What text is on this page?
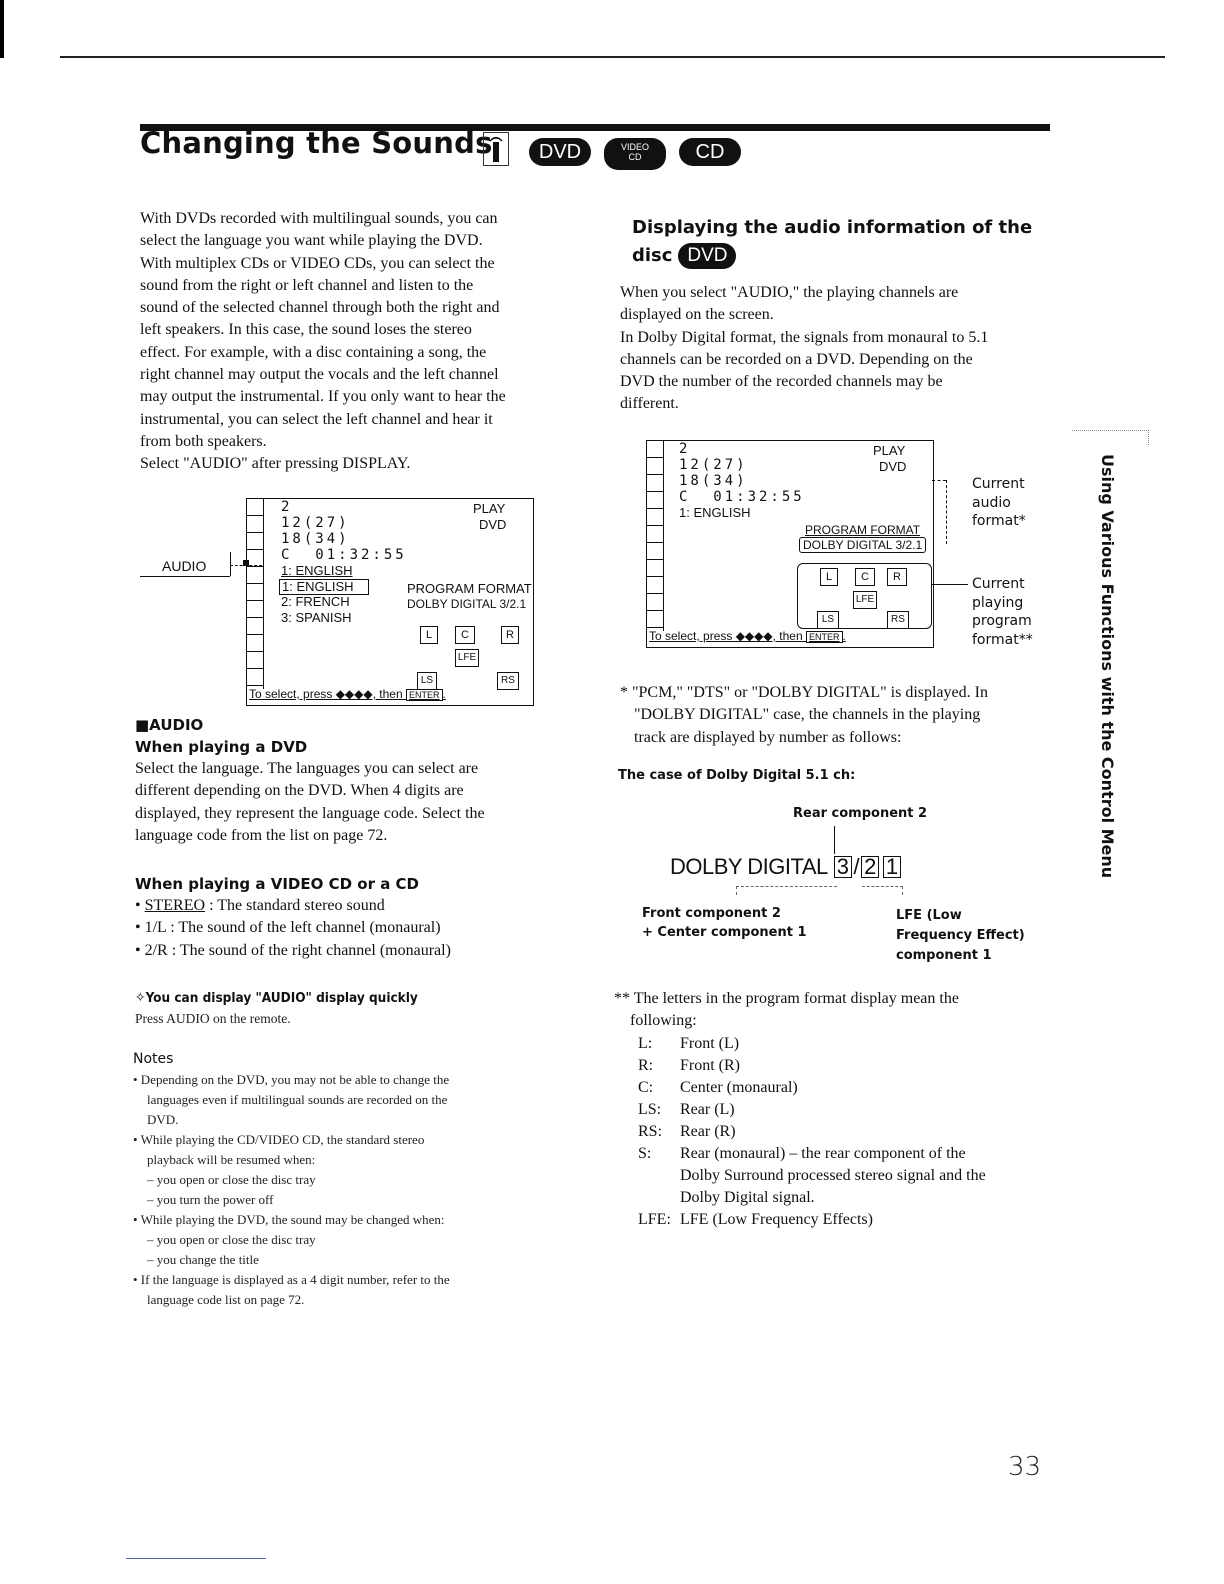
Changing the Sounds	DVD	VIDEO CD	CD

With DVDs recorded with multilingual sounds, you can

select the language you want while playing the DVD.

With multiplex CDs or VIDEO CDs, you can select the

sound from the right or left channel and listen to the

sound of the selected channel through both the right and

left speakers. In this case, the sound loses the stereo

effect. For example, with a disc containing a song, the

right channel may output the vocals and the left channel

may output the instrumental. If you only want to hear the

instrumental, you can select the left channel and hear it

from both speakers.

Select "AUDIO" after pressing DISPLAY.

AUDIO
2
12(27)
18(34)
C  01:32:55
PLAY
DVD
1: ENGLISH
1: ENGLISH
2: FRENCH
3: SPANISH
PROGRAM FORMAT
DOLBY DIGITAL 3/2.1
L	C	R
LFE
LS	RS
To select, press ◆◆◆◆, then ENTER .
■AUDIO
When playing a DVD

Select the language. The languages you can select are

different depending on the DVD. When 4 digits are

displayed, they represent the language code. Select the

language code from the list on page 72.

When playing a VIDEO CD or a CD
• STEREO : The standard stereo sound
• 1/L : The sound of the left channel (monaural)
• 2/R : The sound of the right channel (monaural)
✧You can display "AUDIO" display quickly

Press AUDIO on the remote.

Notes
• Depending on the DVD, you may not be able to change the
languages even if multilingual sounds are recorded on the
DVD.
• While playing the CD/VIDEO CD, the standard stereo
playback will be resumed when:
– you open or close the disc tray
– you turn the power off
• While playing the DVD, the sound may be changed when:
– you open or close the disc tray
– you change the title
• If the language is displayed as a 4 digit number, refer to the
language code list on page 72.
Displaying the audio information of the
disc DVD

When you select "AUDIO," the playing channels are

displayed on the screen.

In Dolby Digital format, the signals from monaural to 5.1

channels can be recorded on a DVD. Depending on the

DVD the number of the recorded channels may be

different.

2
12(27)
18(34)
C  01:32:55
1: ENGLISH
PLAY
DVD
PROGRAM FORMAT
DOLBY DIGITAL 3/2.1
L	C	R
LFE
LS	RS
To select, press ◆◆◆◆, then ENTER .
Current
audio
format*
Current
playing
program
format**

* "PCM," "DTS" or "DOLBY DIGITAL" is displayed. In

"DOLBY DIGITAL" case, the channels in the playing

track are displayed by number as follows:

The case of Dolby Digital 5.1 ch:
Rear component 2
DOLBY DIGITAL 3 / 2 1
Front component 2
+ Center component 1
LFE (Low
Frequency Effect)
component 1

** The letters in the program format display mean the

following:

L:	Front (L)
R:	Front (R)
C:	Center (monaural)
LS:	Rear (L)
RS:	Rear (R)
S:	Rear (monaural) – the rear component of the
	Dolby Surround processed stereo signal and the
	Dolby Digital signal.
LFE:	LFE (Low Frequency Effects)
Using Various Functions with the Control Menu
33
